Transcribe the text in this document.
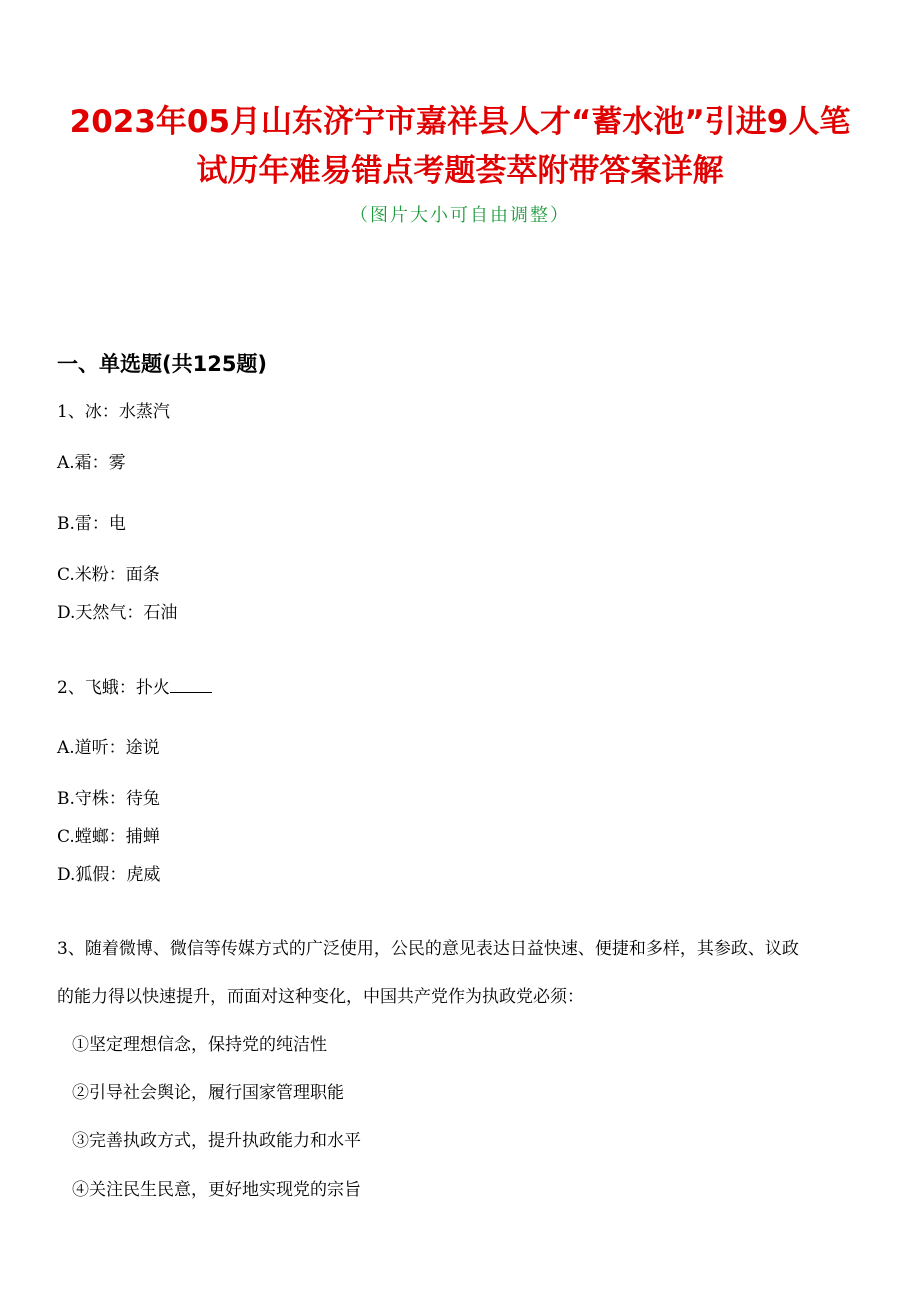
2023年05月山东济宁市嘉祥县人才“蓄水池”引进9人笔
试历年难易错点考题荟萃附带答案详解
（图片大小可自由调整）
一、单选题(共125题)
1、冰：水蒸汽
A.霜：雾
B.雷：电
C.米粉：面条
D.天然气：石油
2、飞蛾：扑火
A.道听：途说
B.守株：待兔
C.螳螂：捕蝉
D.狐假：虎威
3、随着微博、微信等传媒方式的广泛使用，公民的意见表达日益快速、便捷和多样，其参政、议政
的能力得以快速提升，而面对这种变化，中国共产党作为执政党必须：
①坚定理想信念，保持党的纯洁性
②引导社会舆论，履行国家管理职能
③完善执政方式，提升执政能力和水平
④关注民生民意，更好地实现党的宗旨
